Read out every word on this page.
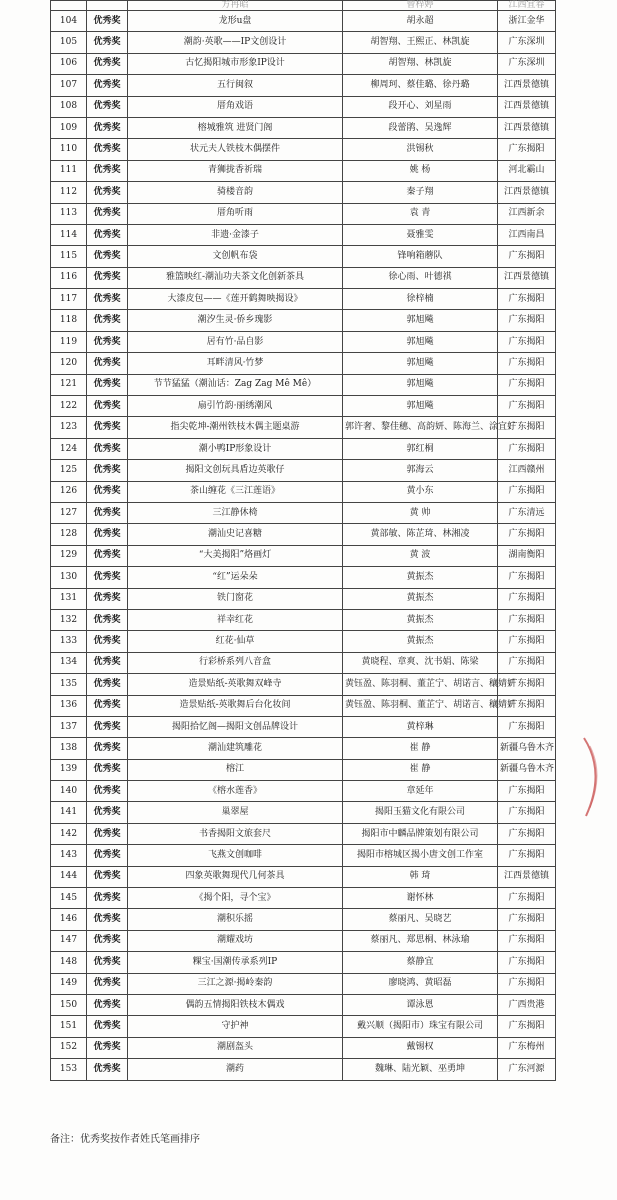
		方冉昭	曾梓婷	江西宜春
104	优秀奖	龙形u盘	胡永超	浙江金华
105	优秀奖	潮韵·英歌——IP文创设计	胡智翔、王熙正、林凯旋	广东深圳
106	优秀奖	古忆揭阳城市形象IP设计	胡智翔、林凯旋	广东深圳
107	优秀奖	五行闽叙	柳周珂、蔡佳璐、徐丹璐	江西景德镇
108	优秀奖	厝角戏语	段开心、刘星雨	江西景德镇
109	优秀奖	榕城雅筑 进贤门阁	段蕾鹃、吴逸辉	江西景德镇
110	优秀奖	状元夫人铁枝木偶摆件	洪锡秋	广东揭阳
111	优秀奖	青狮拢香祈瑞	姚 杨	河北霸山
112	优秀奖	骑楼音韵	秦子翔	江西景德镇
113	优秀奖	厝角听雨	袁 青	江西新余
114	优秀奖	非遗·金漆子	聂雅雯	江西南昌
115	优秀奖	文创帆布袋	锋响箱蘑队	广东揭阳
116	优秀奖	雅篮映红-潮汕功夫茶文化创新茶具	徐心雨、叶德祺	江西景德镇
117	优秀奖	大漆皮包——《莲开鹤舞映揭设》	徐梓楠	广东揭阳
118	优秀奖	潮汐生灵·侨乡瑰影	郭旭飚	广东揭阳
119	优秀奖	居有竹·品自影	郭旭飚	广东揭阳
120	优秀奖	耳畔清风·竹梦	郭旭飚	广东揭阳
121	优秀奖	节节猛猛（潮汕话：Zag Zag Mê Mê）	郭旭飚	广东揭阳
122	优秀奖	扇引竹韵·丽绣潮风	郭旭飚	广东揭阳
123	优秀奖	指尖乾坤-潮州铁枝木偶主题桌游	郭许奢、黎佳穗、高韵妍、陈海兰、涂宜好	广东揭阳
124	优秀奖	潮小鸭IP形象设计	郭红桐	广东揭阳
125	优秀奖	揭阳文创玩具盾边英歌仔	郭海云	江西赣州
126	优秀奖	茶山缠花《三江莲语》	黄小东	广东揭阳
127	优秀奖	三江静休椅	黄 帅	广东清远
128	优秀奖	潮汕史记喜糖	黄部敏、陈芷琦、林湘凌	广东揭阳
129	优秀奖	“大美揭阳”烙画灯	黄 波	湖南衡阳
130	优秀奖	“红”运朵朵	黄振杰	广东揭阳
131	优秀奖	铁门窗花	黄振杰	广东揭阳
132	优秀奖	祥幸红花	黄振杰	广东揭阳
133	优秀奖	红花·仙草	黄振杰	广东揭阳
134	优秀奖	行彩桥系列八音盒	黄晓程、章爽、沈书娟、陈梁	广东揭阳
135	优秀奖	造景贴纸-英歌舞双峰寺	黄钰盈、陈羽桐、董芷宁、胡诺言、穰婧妍	广东揭阳
136	优秀奖	造景贴纸-英歌舞后台化妆间	黄钰盈、陈羽桐、董芷宁、胡诺言、穰婧妍	广东揭阳
137	优秀奖	揭阳拾忆阁—揭阳文创品牌设计	黄梓琳	广东揭阳
138	优秀奖	潮汕建筑雕花	崔 静	新疆乌鲁木齐
139	优秀奖	榕江	崔 静	新疆乌鲁木齐
140	优秀奖	《榕水莲香》	章延年	广东揭阳
141	优秀奖	巢翠屋	揭阳玉猫文化有限公司	广东揭阳
142	优秀奖	书香揭阳文旅套尺	揭阳市中麟品牌策划有限公司	广东揭阳
143	优秀奖	飞燕文创咖啡	揭阳市榕城区揭小唐文创工作室	广东揭阳
144	优秀奖	四象英歌舞现代几何茶具	韩 琦	江西景德镇
145	优秀奖	《揭个阳，寻个宝》	谢怀林	广东揭阳
146	优秀奖	潮积乐摇	蔡丽凡、吴晓艺	广东揭阳
147	优秀奖	潮耀戏坊	蔡丽凡、郑思桐、林泳瑜	广东揭阳
148	优秀奖	粿宝·国潮传承系列IP	蔡静宜	广东揭阳
149	优秀奖	三江之源·揭岭秦韵	廖晓鸿、黄昭磊	广东揭阳
150	优秀奖	偶韵五情揭阳铁枝木偶戏	谭泳恩	广西贵港
151	优秀奖	守护神	戴兴顺（揭阳市）珠宝有限公司	广东揭阳
152	优秀奖	潮剧盔头	戴锡权	广东梅州
153	优秀奖	潮药	魏琳、陆光颖、巫勇坤	广东河源
备注：优秀奖按作者姓氏笔画排序
